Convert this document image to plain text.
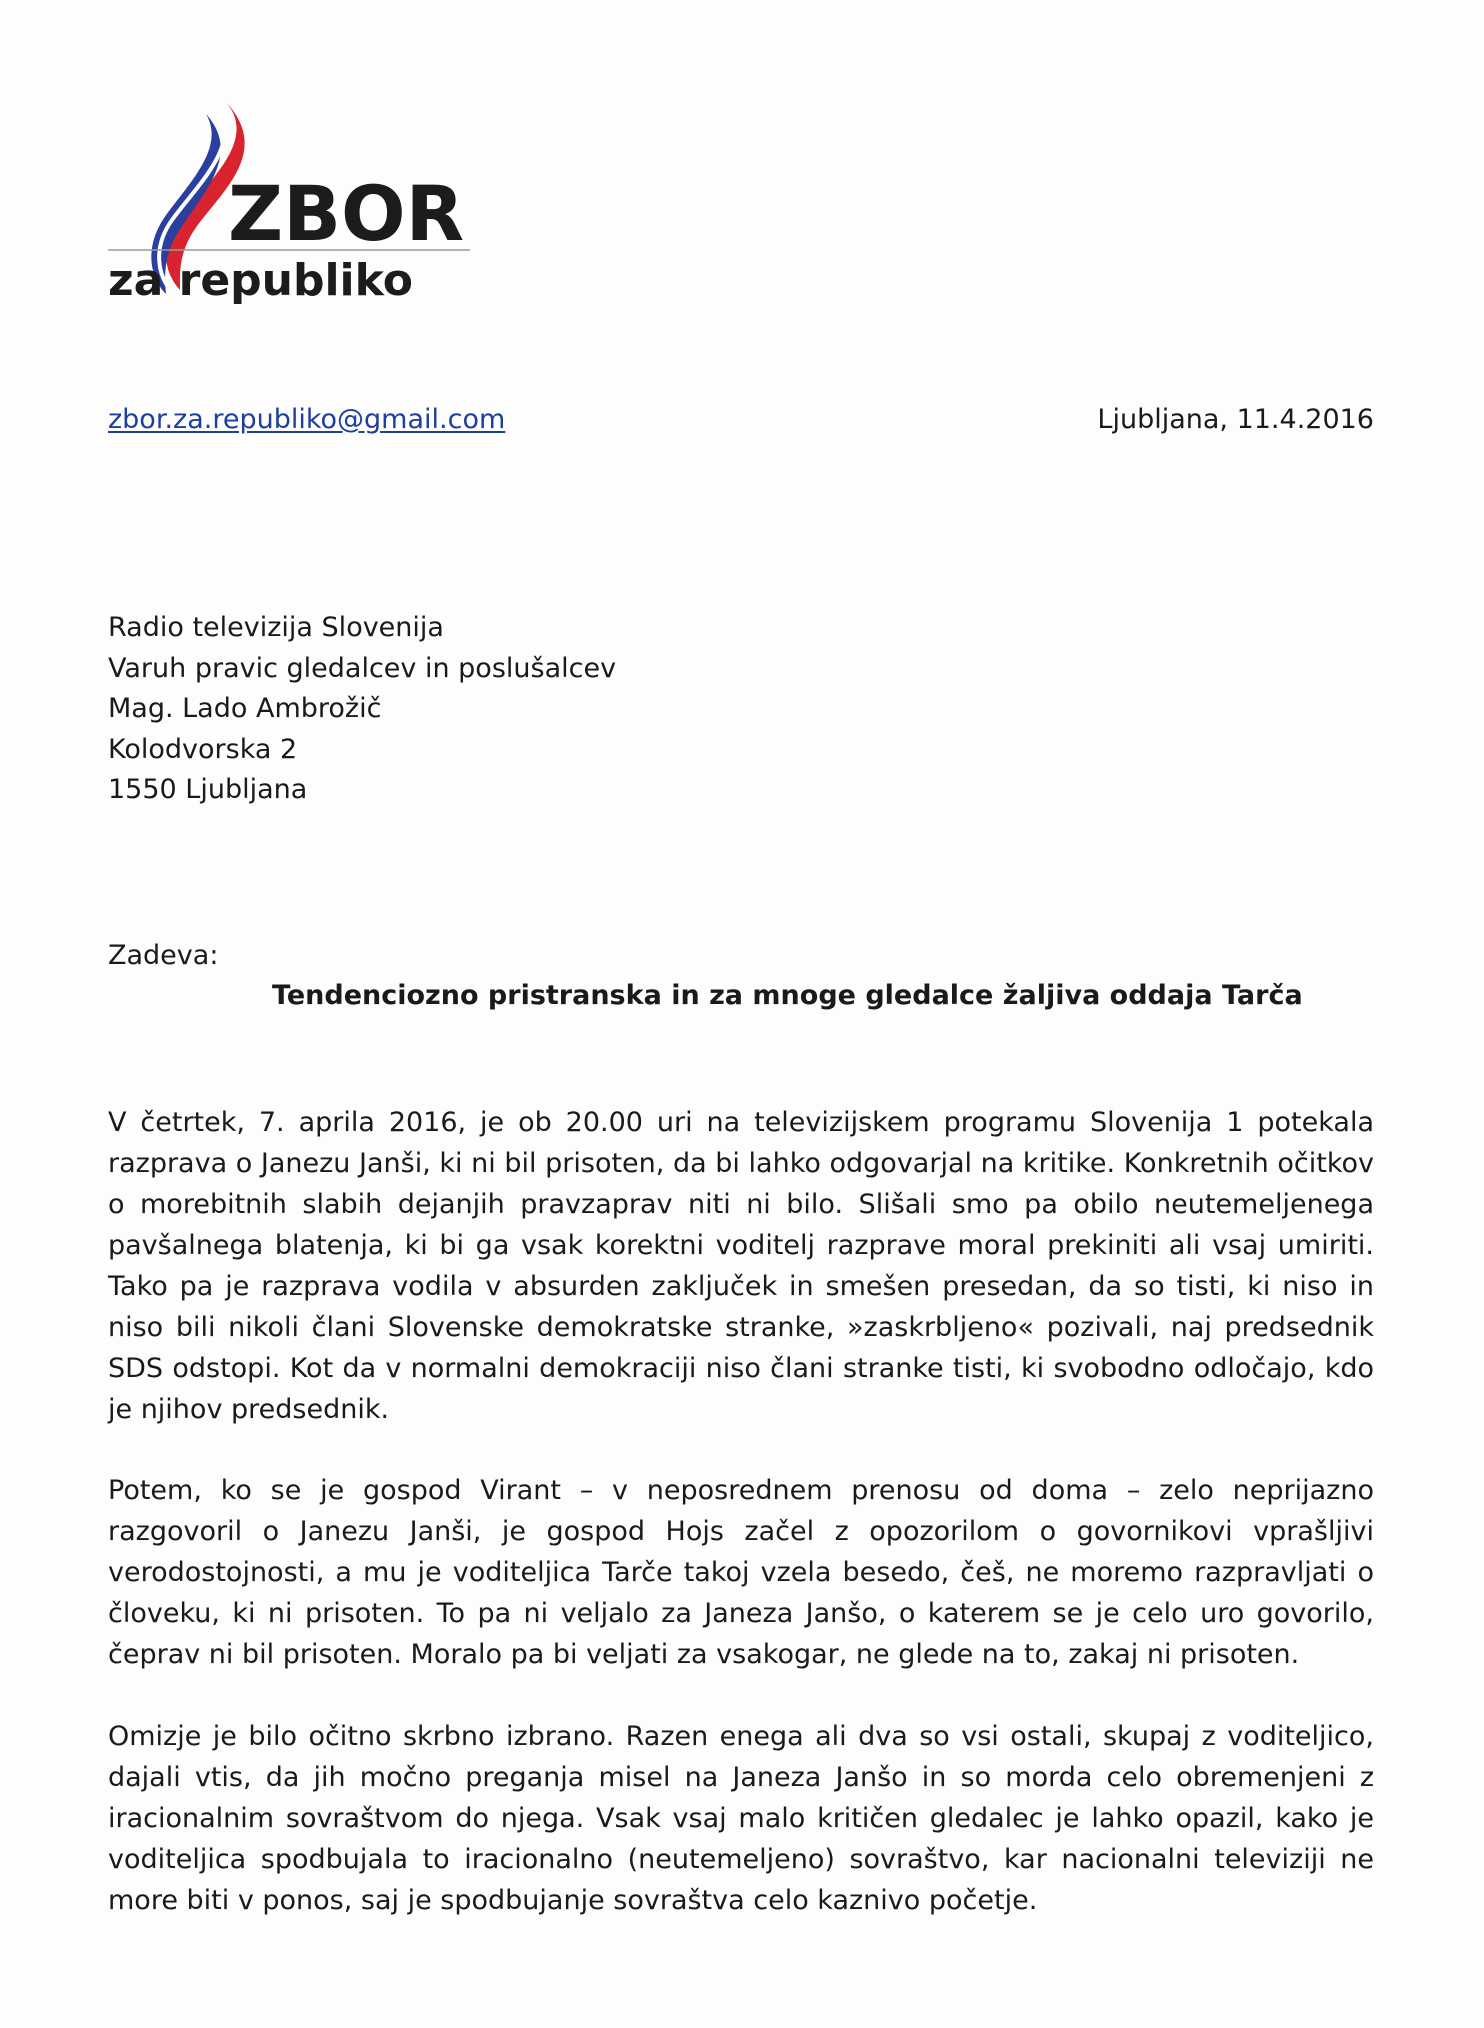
ZBOR
za republiko
zbor.za.republiko@gmail.com	Ljubljana, 11.4.2016
Radio televizija Slovenija
Varuh pravic gledalcev in poslušalcev
Mag. Lado Ambrožič
Kolodvorska 2
1550 Ljubljana
Zadeva:
Tendenciozno pristranska in za mnoge gledalce žaljiva oddaja Tarča

V četrtek, 7. aprila 2016, je ob 20.00 uri na televizijskem programu Slovenija 1 potekala razprava o Janezu Janši, ki ni bil prisoten, da bi lahko odgovarjal na kritike. Konkretnih očitkov o morebitnih slabih dejanjih pravzaprav niti ni bilo. Slišali smo pa obilo neutemeljenega pavšalnega blatenja, ki bi ga vsak korektni voditelj razprave moral prekiniti ali vsaj umiriti. Tako pa je razprava vodila v absurden zaključek in smešen presedan, da so tisti, ki niso in niso bili nikoli člani Slovenske demokratske stranke, »zaskrbljeno« pozivali, naj predsednik SDS odstopi. Kot da v normalni demokraciji niso člani stranke tisti, ki svobodno odločajo, kdo je njihov predsednik.

Potem, ko se je gospod Virant – v neposrednem prenosu od doma – zelo neprijazno razgovoril o Janezu Janši, je gospod Hojs začel z opozorilom o govornikovi vprašljivi verodostojnosti, a mu je voditeljica Tarče takoj vzela besedo, češ, ne moremo razpravljati o človeku, ki ni prisoten. To pa ni veljalo za Janeza Janšo, o katerem se je celo uro govorilo, čeprav ni bil prisoten. Moralo pa bi veljati za vsakogar, ne glede na to, zakaj ni prisoten.

Omizje je bilo očitno skrbno izbrano. Razen enega ali dva so vsi ostali, skupaj z voditeljico, dajali vtis, da jih močno preganja misel na Janeza Janšo in so morda celo obremenjeni z iracionalnim sovraštvom do njega. Vsak vsaj malo kritičen gledalec je lahko opazil, kako je voditeljica spodbujala to iracionalno (neutemeljeno) sovraštvo, kar nacionalni televiziji ne more biti v ponos, saj je spodbujanje sovraštva celo kaznivo početje.
